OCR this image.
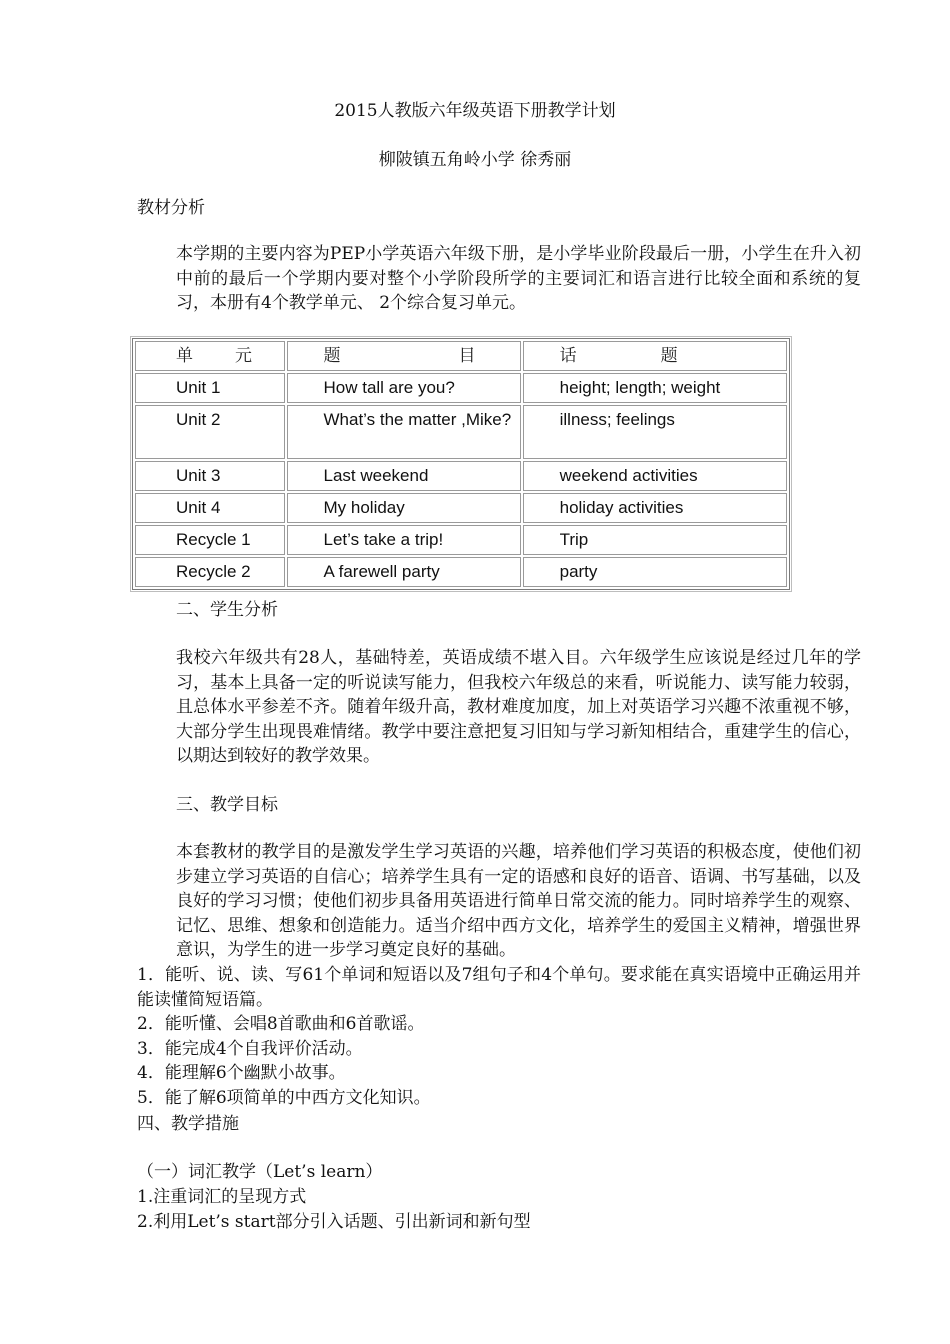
2015人教版六年级英语下册教学计划
柳陂镇五角岭小学 徐秀丽
教材分析
本学期的主要内容为PEP小学英语六年级下册，是小学毕业阶段最后一册，小学生在升入初中前的最后一个学期内要对整个小学阶段所学的主要词汇和语言进行比较全面和系统的复习，本册有4个教学单元、 2个综合复习单元。
单 元	题 目	话 题

Unit 1	How tall are you?	height; length; weight
Unit 2	What’s the matter ,Mike?	illness; feelings
Unit 3	Last weekend	weekend activities
Unit 4	My holiday	holiday activities
Recycle 1	Let’s take a trip!	Trip
Recycle 2	A farewell party	party
二、学生分析
我校六年级共有28人，基础特差，英语成绩不堪入目。六年级学生应该说是经过几年的学习，基本上具备一定的听说读写能力，但我校六年级总的来看，听说能力、读写能力较弱，且总体水平参差不齐。随着年级升高，教材难度加度，加上对英语学习兴趣不浓重视不够，大部分学生出现畏难情绪。教学中要注意把复习旧知与学习新知相结合，重建学生的信心，以期达到较好的教学效果。
三、教学目标
本套教材的教学目的是激发学生学习英语的兴趣，培养他们学习英语的积极态度，使他们初步建立学习英语的自信心；培养学生具有一定的语感和良好的语音、语调、书写基础，以及良好的学习习惯；使他们初步具备用英语进行简单日常交流的能力。同时培养学生的观察、记忆、思维、想象和创造能力。适当介绍中西方文化，培养学生的爱国主义精神，增强世界意识，为学生的进一步学习奠定良好的基础。
1．能听、说、读、写61个单词和短语以及7组句子和4个单句。要求能在真实语境中正确运用并能读懂简短语篇。
2．能听懂、会唱8首歌曲和6首歌谣。
3．能完成4个自我评价活动。
4．能理解6个幽默小故事。
5．能了解6项简单的中西方文化知识。
四、教学措施
（一）词汇教学（Let’s learn）
1.注重词汇的呈现方式
2.利用Let’s start部分引入话题、引出新词和新句型
